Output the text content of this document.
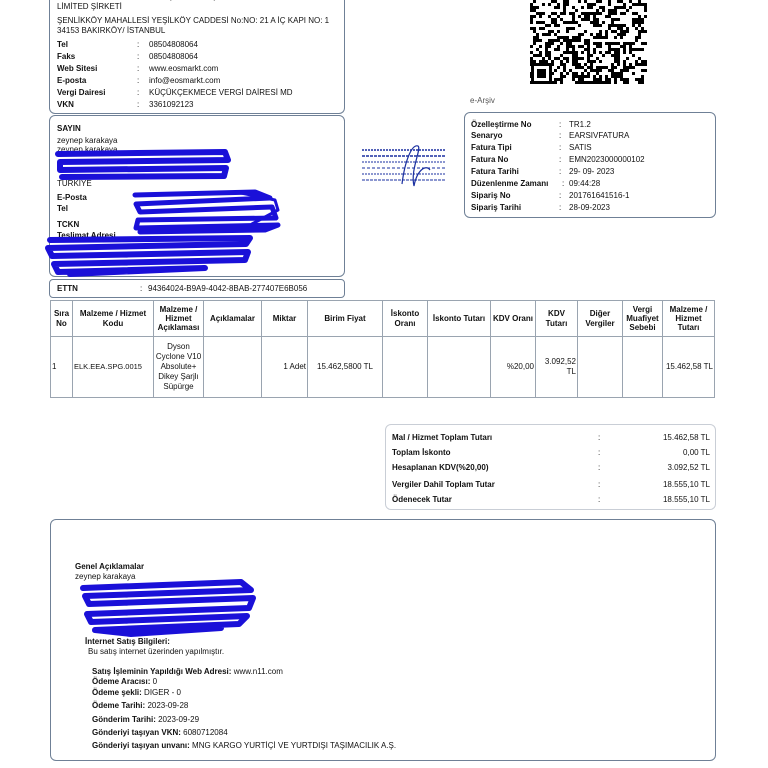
LİMİTED ŞİRKETİ
ŞENLİKKÖY MAHALLESİ YEŞİLKÖY CADDESİ No:NO: 21 A İÇ KAPI NO: 1 34153 BAKIRKÖY/ İSTANBUL
Tel	:	08504808064
Faks	:	08504808064
Web Sitesi	:	www.eosmarkt.com
E-posta	:	info@eosmarkt.com
Vergi Dairesi	:	KÜÇÜKÇEKMECE VERGİ DAİRESİ MD
VKN	:	3361092123	e-Arşiv
Özelleştirme No	: TR1.2
Senaryo	: EARSIVFATURA
Fatura Tipi	: SATIS
Fatura No	: EMN2023000000102
Fatura Tarihi	: 29- 09- 2023
Düzenlenme Zamanı	: 09:44:28
Sipariş No	: 201761641516-1
Sipariş Tarihi	: 28-09-2023
SAYIN
zeynep karakaya
zeynep karakaya
TÜRKİYE
E-Posta
Tel
TCKN
Teslimat Adresi	:
ETTN	: 94364024-B9A9-4042-8BAB-277407E6B056
Sıra No	Malzeme / Hizmet Kodu	Malzeme / Hizmet Açıklaması	Açıklamalar	Miktar	Birim Fiyat	İskonto Oranı	İskonto Tutarı	KDV Oranı	KDV Tutarı	Diğer Vergiler	Vergi Muafiyet Sebebi	Malzeme / Hizmet Tutarı
1	ELK.EEA.SPG.0015	Dyson Cyclone V10 Absolute+ Dikey Şarjlı Süpürge		1 Adet	15.462,5800 TL			%20,00	3.092,52 TL			15.462,58 TL
Mal / Hizmet Toplam Tutarı	:	15.462,58 TL
Toplam İskonto	:	0,00 TL
Hesaplanan KDV(%20,00)	:	3.092,52 TL
Vergiler Dahil Toplam Tutar	:	18.555,10 TL
Ödenecek Tutar	:	18.555,10 TL
Genel Açıklamalar
zeynep karakaya
İnternet Satış Bilgileri:
Bu satış internet üzerinden yapılmıştır.
Satış İşleminin Yapıldığı Web Adresi: www.n11.com
Ödeme Aracısı: 0
Ödeme şekli: DIGER - 0
Ödeme Tarihi: 2023-09-28
Gönderim Tarihi: 2023-09-29
Gönderiyi taşıyan VKN: 6080712084
Gönderiyi taşıyan unvanı: MNG KARGO YURTİÇİ VE YURTDIŞI TAŞIMACILIK A.Ş.
